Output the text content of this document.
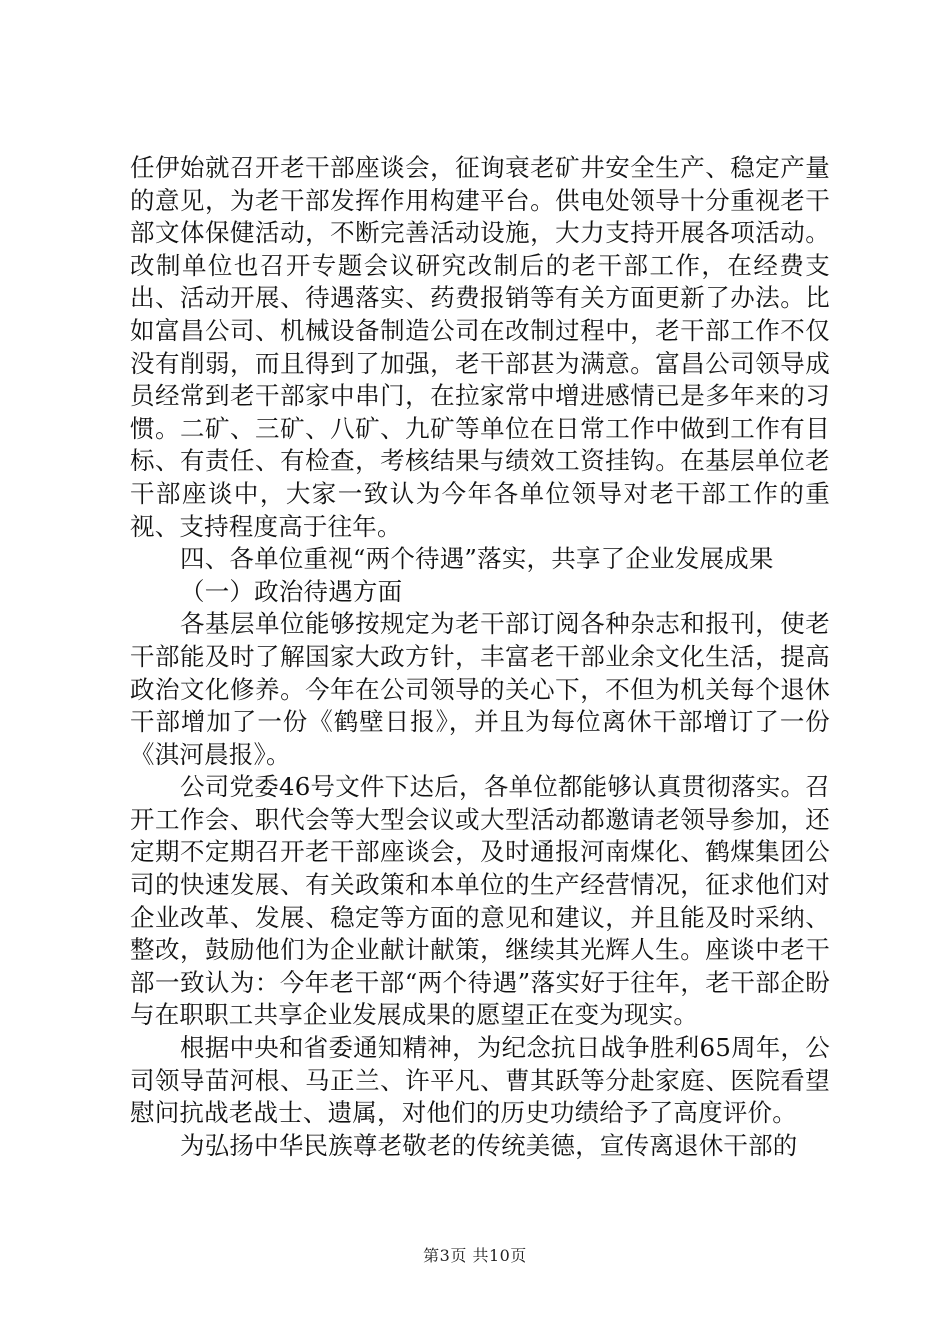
任伊始就召开老干部座谈会，征询衰老矿井安全生产、稳定产量的意见，为老干部发挥作用构建平台。供电处领导十分重视老干部文体保健活动，不断完善活动设施，大力支持开展各项活动。改制单位也召开专题会议研究改制后的老干部工作，在经费支出、活动开展、待遇落实、药费报销等有关方面更新了办法。比如富昌公司、机械设备制造公司在改制过程中，老干部工作不仅没有削弱，而且得到了加强，老干部甚为满意。富昌公司领导成员经常到老干部家中串门，在拉家常中增进感情已是多年来的习惯。二矿、三矿、八矿、九矿等单位在日常工作中做到工作有目标、有责任、有检查，考核结果与绩效工资挂钩。在基层单位老干部座谈中，大家一致认为今年各单位领导对老干部工作的重视、支持程度高于往年。

四、各单位重视“两个待遇”落实，共享了企业发展成果

（一）政治待遇方面

各基层单位能够按规定为老干部订阅各种杂志和报刊，使老干部能及时了解国家大政方针，丰富老干部业余文化生活，提高政治文化修养。今年在公司领导的关心下，不但为机关每个退休干部增加了一份《鹤壁日报》，并且为每位离休干部增订了一份《淇河晨报》。

公司党委46号文件下达后，各单位都能够认真贯彻落实。召开工作会、职代会等大型会议或大型活动都邀请老领导参加，还定期不定期召开老干部座谈会，及时通报河南煤化、鹤煤集团公司的快速发展、有关政策和本单位的生产经营情况，征求他们对企业改革、发展、稳定等方面的意见和建议，并且能及时采纳、整改，鼓励他们为企业献计献策，继续其光辉人生。座谈中老干部一致认为：今年老干部“两个待遇”落实好于往年，老干部企盼与在职职工共享企业发展成果的愿望正在变为现实。

根据中央和省委通知精神，为纪念抗日战争胜利65周年，公司领导苗河根、马正兰、许平凡、曹其跃等分赴家庭、医院看望慰问抗战老战士、遗属，对他们的历史功绩给予了高度评价。

为弘扬中华民族尊老敬老的传统美德，宣传离退休干部的

第3页 共10页
